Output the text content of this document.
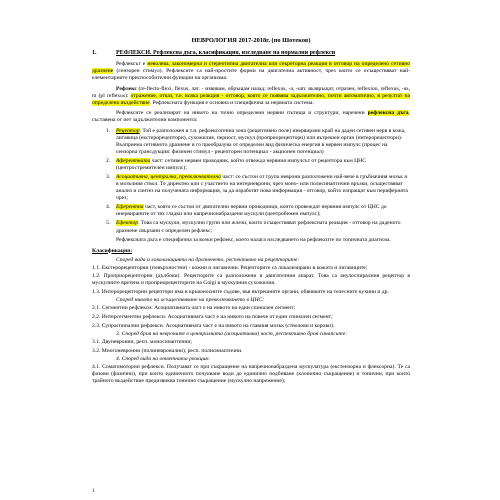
НЕВРОЛОГИЯ 2017-2018г. (по Шотеков)
1.	РЕФЛЕКСИ. Рефлексна дъга, класификация, изследване на нормални рефлекси

Рефлексът е неволева, закономерна и стереотипна двигателна или секреторна реакция в отговор на определено сетивно дразнене (сензорен стимул). Рефлексите са най-простите форми на двигателна активност, чрез които се осъществяват най-елементарните приспособителни функции на организма.

Рефлекс (re-flecto-flexi, flexus, лат. - извивам, обръщам назад; reflexus, -а, -um: възвръщат, отразен, reflexion, reflexus, -us, m (pl reflexus): отражение, отказ, т.е. всяка реакция - отговор, която се появява задължително, почти автоматично, в резултат на определено въздействие. Рефлексната функция е основна и специфична за нервната система.

Рефлексите се реализират на нивото на точно определени нервни пътища и структури, наречени рефлексна дъга, съставена от пет задължителни компонента:

1. Рецептор. Той е разположен в т.н. рефлексогенна зона (рецептивно поле) инервирани край на даден сетивен нерв в кожа, лигавица (екстерорецептори), сухожилие, периост, мускул (проприорецептори) или вътрешен орган (интерорецептори). Възприема сетивното дразнене и го преобразува от определен вид физическа енергия в нервен импулс (процес на сензорна трансдукция: физичен стимул - рецепторен потенциал - акционен потенциал)
2. Аферентната част: сетивен нервен проводник, който отвежда нервния импулсът от рецептора към ЦНС (центростремителен импулс);
3. Асоциативна, централна, превключвателна част: се състои от група неврони разположени най-вече в гръбначния мозък и в мозъчния ствол. Те директно или с участието на интерневрони, чрез моно- или полисинаптични връзки, осъществяват анализ и синтез на получената информация, за да изработят нова информация - отговор, който изпращат към периферията чрез;
4. Еферентна част, която се състои от двигателни нервни проводници, които провеждат нервния импулс от ЦНС до инервираните от тях гладки или напречнонабраздени мускули (центробежен импулс);
5. Ефектор. Това са мускули, мускулни групи или жлези, които осъществяват рефлексната реакция - отговор на даденото дразнене свързани с определен рефлекс;

Рефлексната дъга е специфична за всеки рефлекс, което налага изследването на рефлексите по топичната диагноза.

Класификация:
Според вида и локализацията на дразненето, респективно на рецепторите:
1.1. Екстерорецепторни (повърхностни) - кожни и лигавични. Рецепторите са локализирани в кожата и лигавиците;
1.2. Проприорецепторни (дълбоки). Рецепторите са разположени в двигателния апарат. Това са анулоспиралния рецептор в мускулните вретена и проприорецепторите на Golgi в мускулния сухожилия.
1.3. Интерорецепторни рецептори има в кръвоносните съдове, във вътрешните органи, обвивките на телесните кухини и др.
Според нивото на осъществяване на превключването в ЦНС:
2.1. Сегментни рефлекси. Асоциативната част е на нивото на един спинален сегмент;
2.2. Интерсегментни рефлекси. Асоциативната част е на нивото на повече от един спинален сегмент;
2.3. Супраспинални рефлекси. Асоциативната част е на нивото на главния мозък (стволови и корови).
3. Според броя на невроните в централната (асоциативна) част, респективно броя синапсите:
3.1. Двуневронни, респ. моносинаптични;
3.2. Многоневронни (полиневронални), респ. полисинаптични.
4. Според вида на ответната реакция:
4.1. Соматомоторни рефлекси. Получават се при съкращение на напречнонабраздена мускулатура (екстензорна и флексорна). Те са фазови (фазични), при които единичното почукване води до единично подбиване (клонично съкращение) и тонични, при които трайното въздействие предизвиква тонично съкращение (мускулно напрежение);
1
